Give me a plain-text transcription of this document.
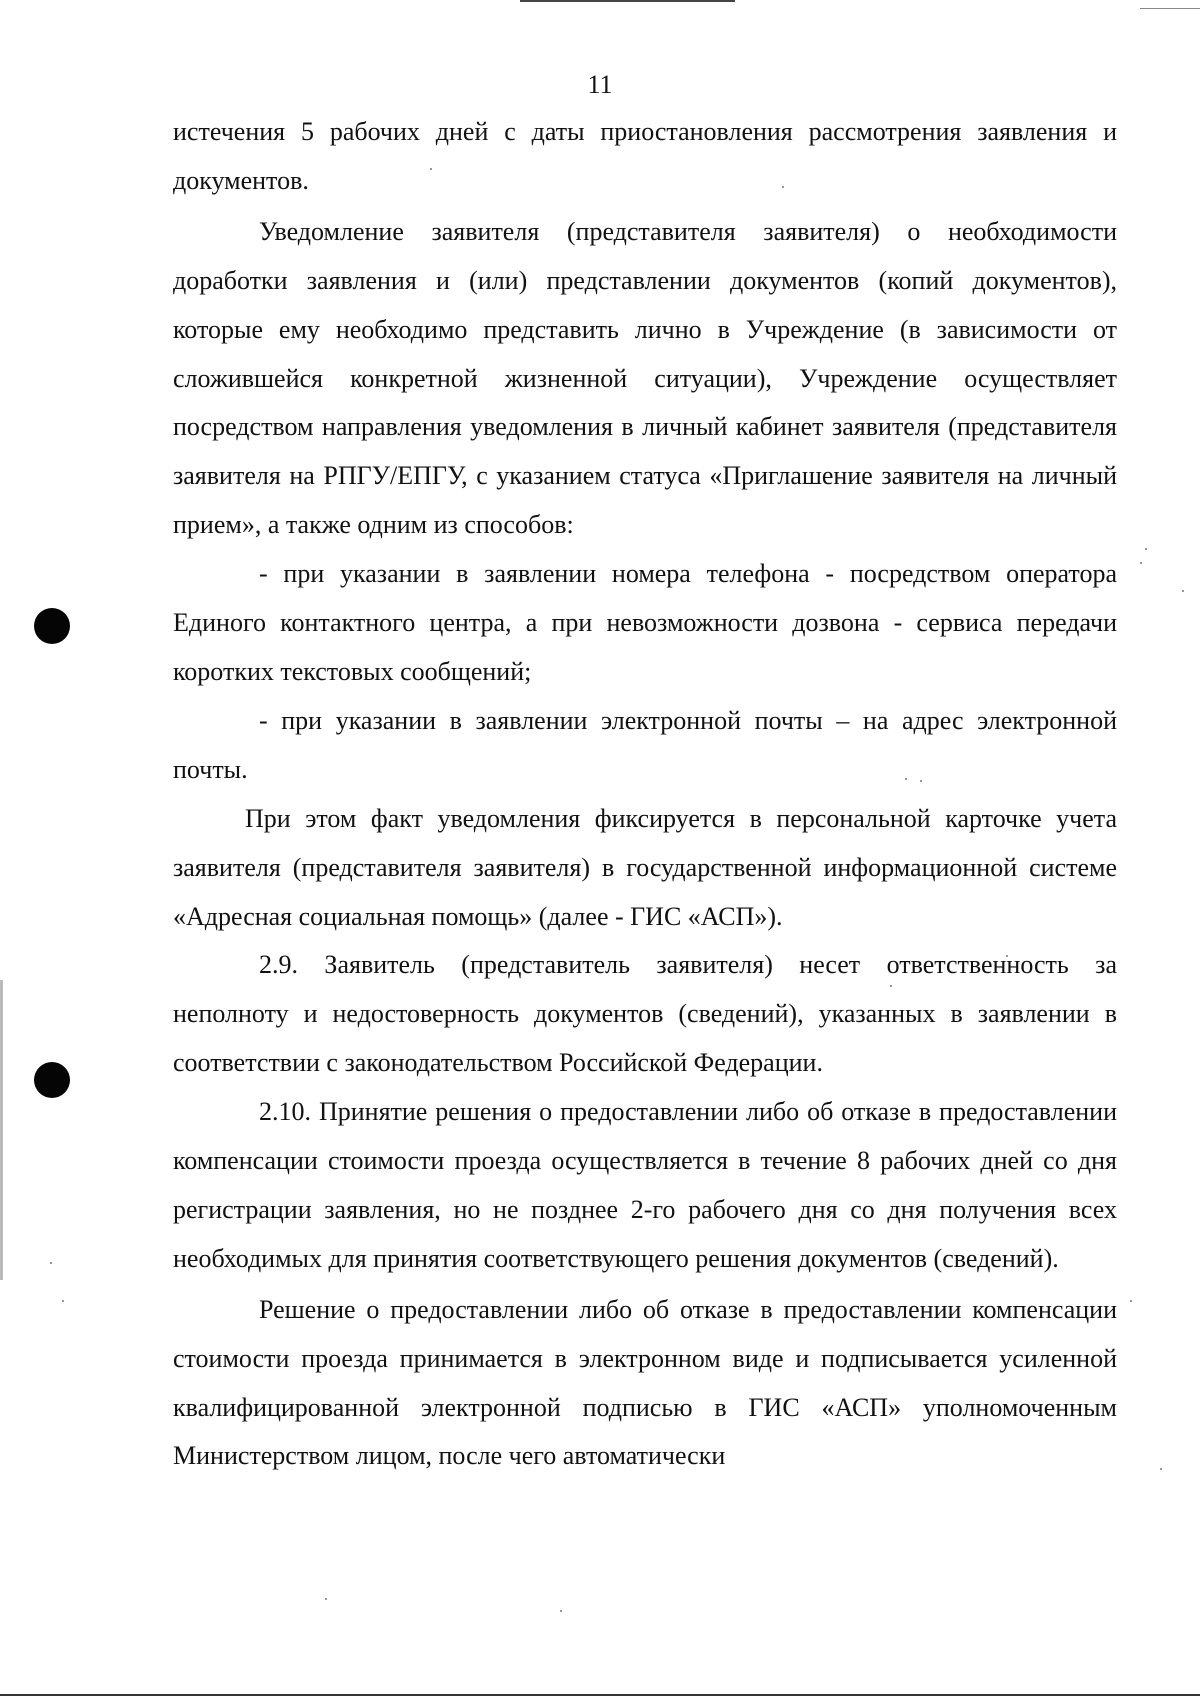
11

истечения 5 рабочих дней с даты приостановления рассмотрения заявления и документов.

Уведомление заявителя (представителя заявителя) о необходимости доработки заявления и (или) представлении документов (копий документов), которые ему необходимо представить лично в Учреждение (в зависимости от сложившейся конкретной жизненной ситуации), Учреждение осуществляет посредством направления уведомления в личный кабинет заявителя (представителя заявителя на РПГУ/ЕПГУ, с указанием статуса «Приглашение заявителя на личный прием», а также одним из способов:

- при указании в заявлении номера телефона - посредством оператора Единого контактного центра, а при невозможности дозвона - сервиса передачи коротких текстовых сообщений;

- при указании в заявлении электронной почты – на адрес электронной почты.

При этом факт уведомления фиксируется в персональной карточке учета заявителя (представителя заявителя) в государственной информационной системе «Адресная социальная помощь» (далее - ГИС «АСП»).

2.9. Заявитель (представитель заявителя) несет ответственность за неполноту и недостоверность документов (сведений), указанных в заявлении в соответствии с законодательством Российской Федерации.

2.10. Принятие решения о предоставлении либо об отказе в предоставлении компенсации стоимости проезда осуществляется в течение 8 рабочих дней со дня регистрации заявления, но не позднее 2-го рабочего дня со дня получения всех необходимых для принятия соответствующего решения документов (сведений).

Решение о предоставлении либо об отказе в предоставлении компенсации стоимости проезда принимается в электронном виде и подписывается усиленной квалифицированной электронной подписью в ГИС «АСП» уполномоченным Министерством лицом, после чего автоматически
